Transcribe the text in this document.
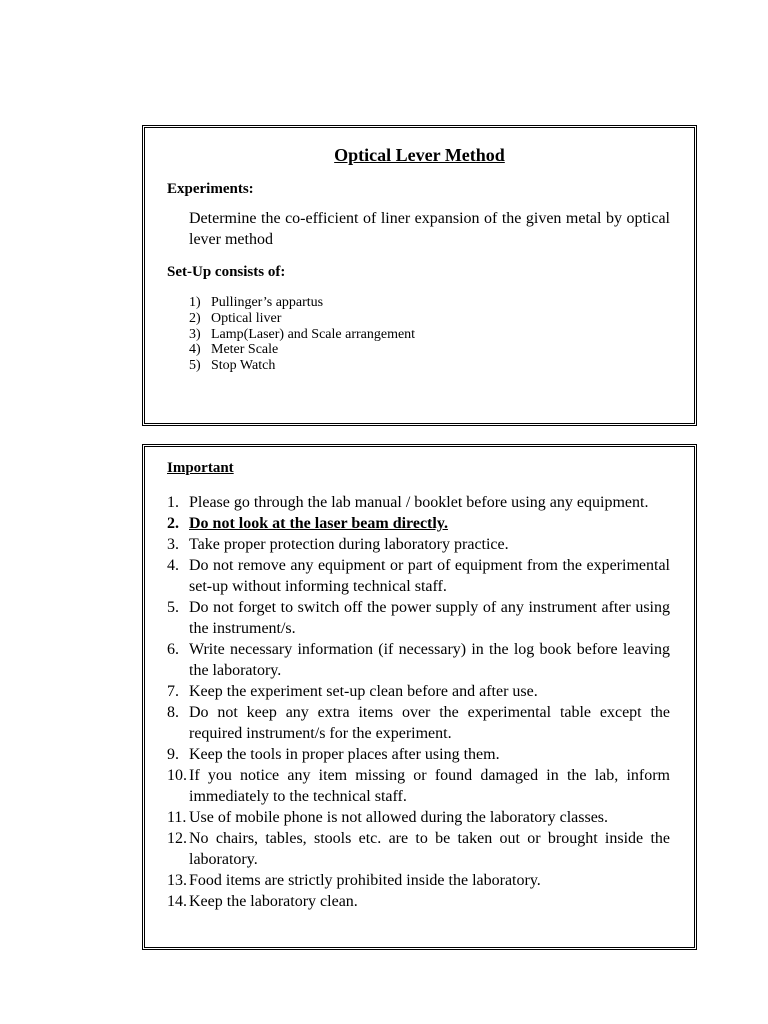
Optical Lever Method
Experiments:
Determine the co-efficient of liner expansion of the given metal by optical lever method
Set-Up consists of:
1) Pullinger’s appartus
2) Optical liver
3) Lamp(Laser) and Scale arrangement
4) Meter Scale
5) Stop Watch
Important
1. Please go through the lab manual / booklet before using any equipment.
2. Do not look at the laser beam directly.
3. Take proper protection during laboratory practice.
4. Do not remove any equipment or part of equipment from the experimental set-up without informing technical staff.
5. Do not forget to switch off the power supply of any instrument after using the instrument/s.
6. Write necessary information (if necessary) in the log book before leaving the laboratory.
7. Keep the experiment set-up clean before and after use.
8. Do not keep any extra items over the experimental table except the required instrument/s for the experiment.
9. Keep the tools in proper places after using them.
10. If you notice any item missing or found damaged in the lab, inform immediately to the technical staff.
11. Use of mobile phone is not allowed during the laboratory classes.
12. No chairs, tables, stools etc. are to be taken out or brought inside the laboratory.
13. Food items are strictly prohibited inside the laboratory.
14. Keep the laboratory clean.
